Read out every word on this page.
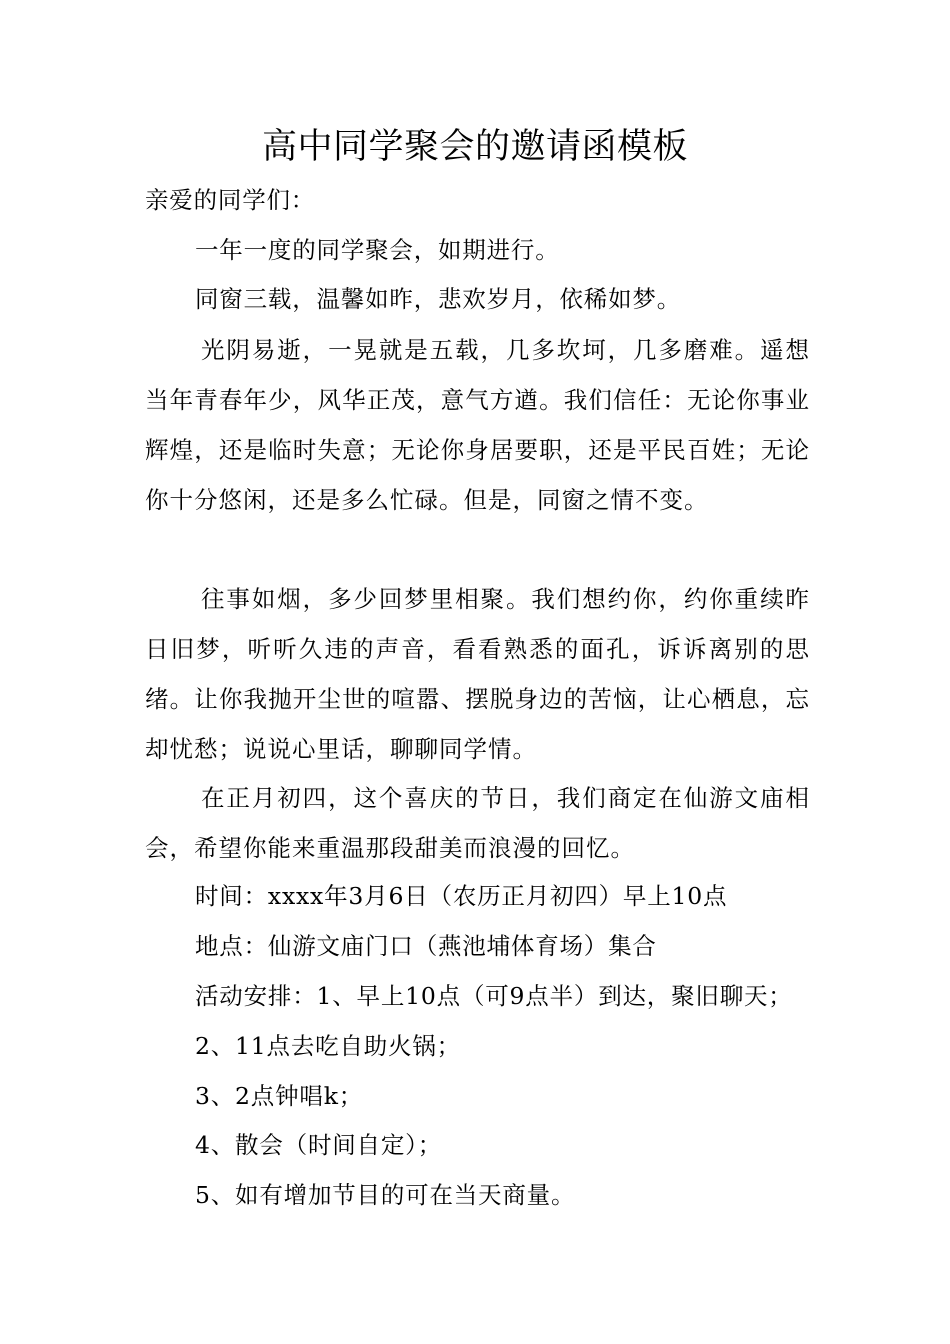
高中同学聚会的邀请函模板
亲爱的同学们：
一年一度的同学聚会，如期进行。
同窗三载，温馨如昨，悲欢岁月，依稀如梦。
光阴易逝，一晃就是五载，几多坎坷，几多磨难。遥想当年青春年少，风华正茂，意气方遒。我们信任：无论你事业辉煌，还是临时失意；无论你身居要职，还是平民百姓；无论你十分悠闲，还是多么忙碌。但是，同窗之情不变。
往事如烟，多少回梦里相聚。我们想约你，约你重续昨日旧梦，听听久违的声音，看看熟悉的面孔，诉诉离别的思绪。让你我抛开尘世的喧嚣、摆脱身边的苦恼，让心栖息，忘却忧愁；说说心里话，聊聊同学情。
在正月初四，这个喜庆的节日，我们商定在仙游文庙相会，希望你能来重温那段甜美而浪漫的回忆。
时间：xxxx年3月6日（农历正月初四）早上10点
地点：仙游文庙门口（燕池埔体育场）集合
活动安排：1、早上10点（可9点半）到达，聚旧聊天；
2、11点去吃自助火锅；
3、2点钟唱k；
4、散会（时间自定）；
5、如有增加节目的可在当天商量。
